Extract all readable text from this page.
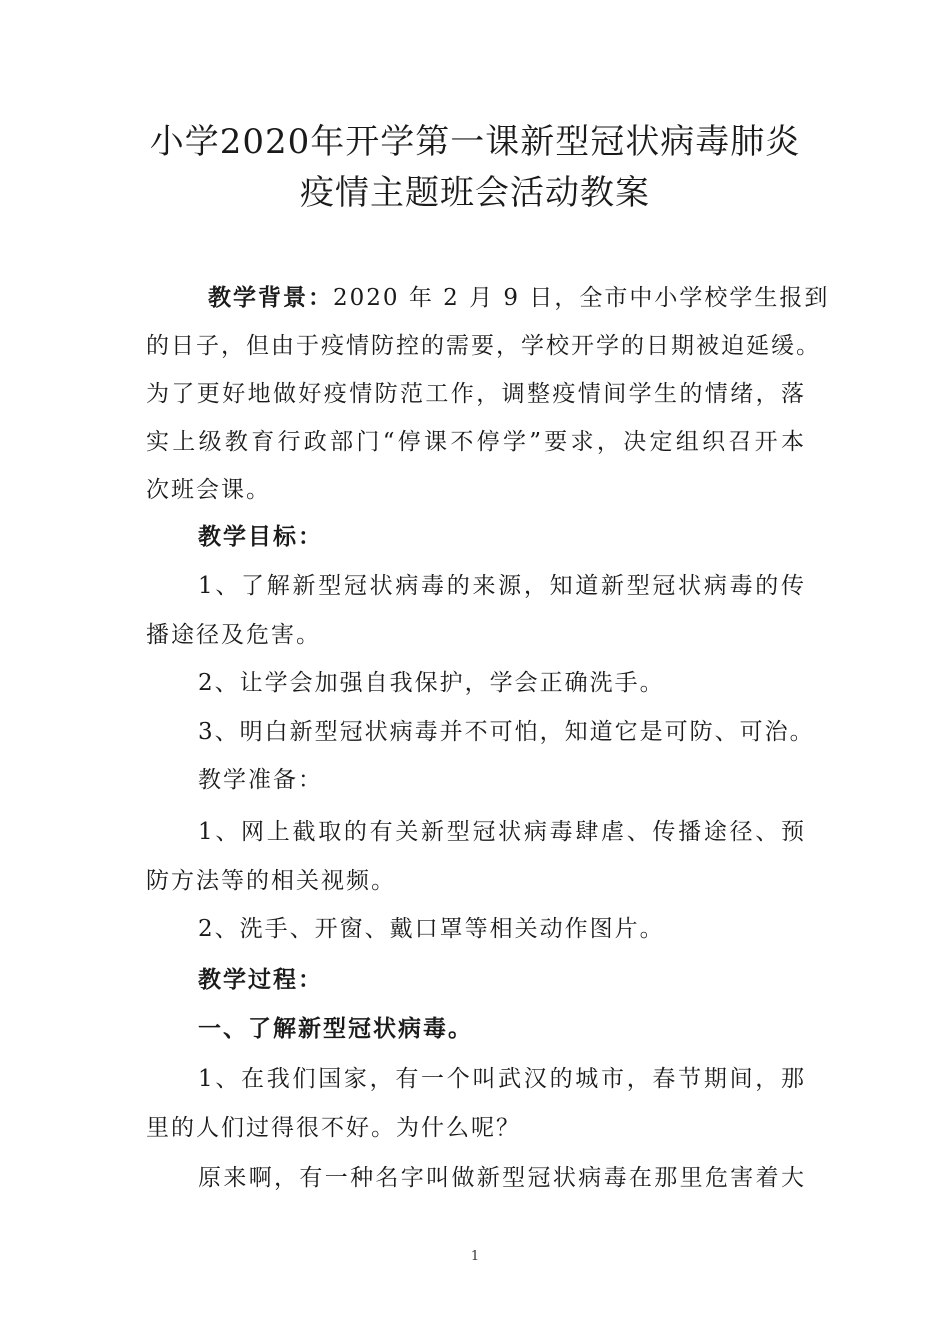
小学2020年开学第一课新型冠状病毒肺炎
疫情主题班会活动教案
教学背景：2020 年 2 月 9 日，全市中小学校学生报到
的日子，但由于疫情防控的需要，学校开学的日期被迫延缓。
为了更好地做好疫情防范工作，调整疫情间学生的情绪，落
实上级教育行政部门“停课不停学”要求，决定组织召开本
次班会课。
教学目标：
1、了解新型冠状病毒的来源，知道新型冠状病毒的传
播途径及危害。
2、让学会加强自我保护，学会正确洗手。
3、明白新型冠状病毒并不可怕，知道它是可防、可治。
教学准备：
1、网上截取的有关新型冠状病毒肆虐、传播途径、预
防方法等的相关视频。
2、洗手、开窗、戴口罩等相关动作图片。
教学过程：
一、了解新型冠状病毒。
1、在我们国家，有一个叫武汉的城市，春节期间，那
里的人们过得很不好。为什么呢？
原来啊，有一种名字叫做新型冠状病毒在那里危害着大
1
